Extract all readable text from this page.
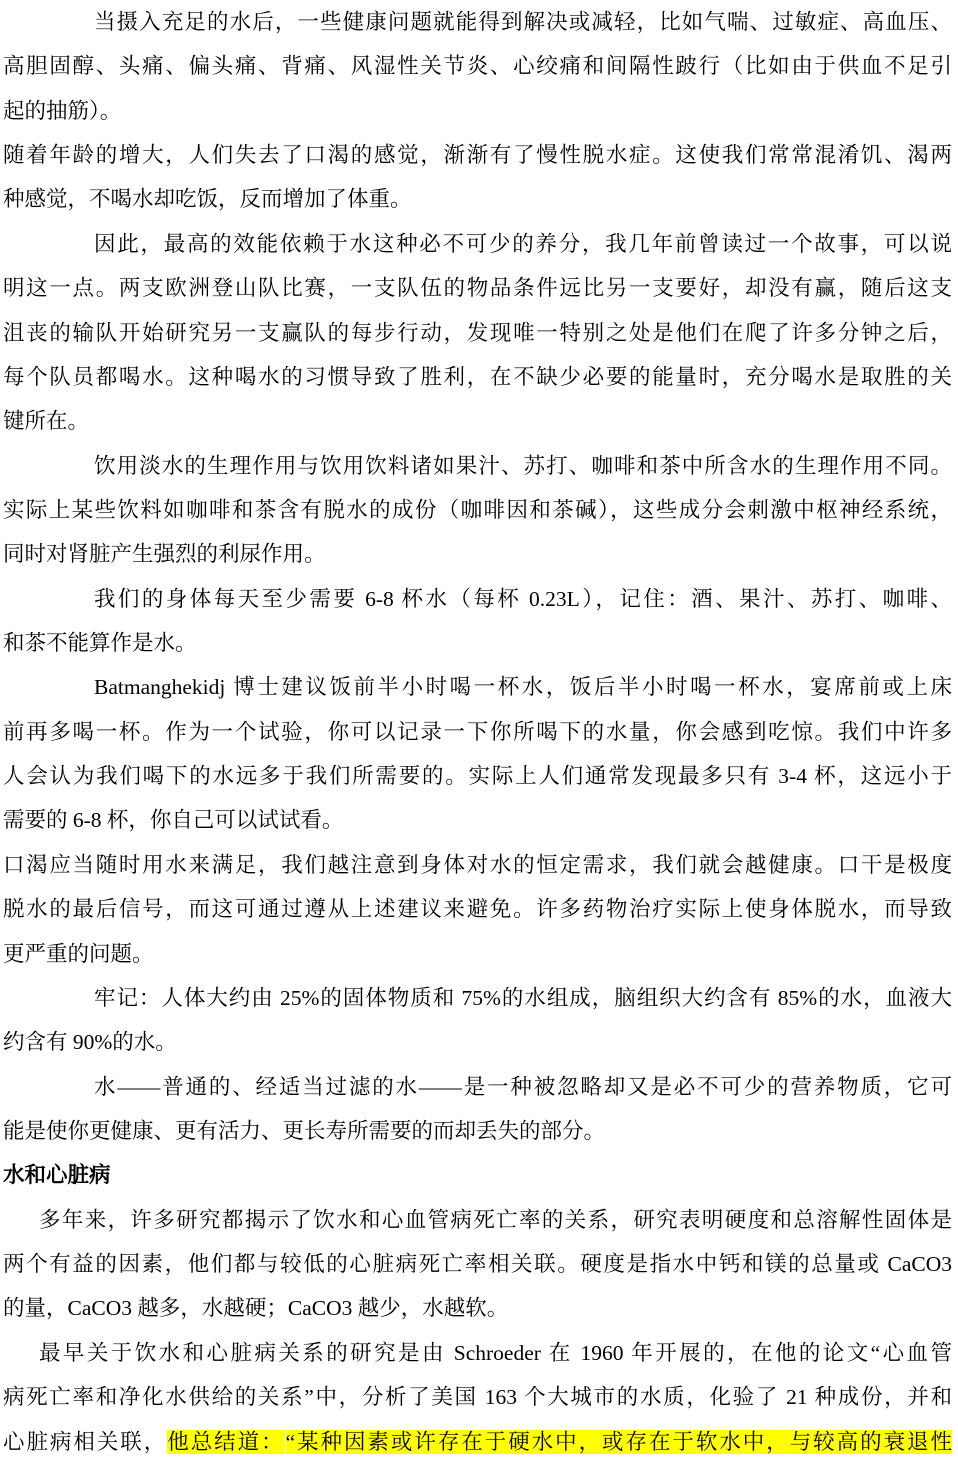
当摄入充足的水后，一些健康问题就能得到解决或减轻，比如气喘、过敏症、高血压、
高胆固醇、头痛、偏头痛、背痛、风湿性关节炎、心绞痛和间隔性跛行（比如由于供血不足引
起的抽筋）。
随着年龄的增大，人们失去了口渴的感觉，渐渐有了慢性脱水症。这使我们常常混淆饥、渴两
种感觉，不喝水却吃饭，反而增加了体重。
因此，最高的效能依赖于水这种必不可少的养分，我几年前曾读过一个故事，可以说
明这一点。两支欧洲登山队比赛，一支队伍的物品条件远比另一支要好，却没有赢，随后这支
沮丧的输队开始研究另一支赢队的每步行动，发现唯一特别之处是他们在爬了许多分钟之后，
每个队员都喝水。这种喝水的习惯导致了胜利，在不缺少必要的能量时，充分喝水是取胜的关
键所在。
饮用淡水的生理作用与饮用饮料诸如果汁、苏打、咖啡和茶中所含水的生理作用不同。
实际上某些饮料如咖啡和茶含有脱水的成份（咖啡因和茶碱），这些成分会刺激中枢神经系统，
同时对肾脏产生强烈的利尿作用。
我们的身体每天至少需要 6-8 杯水（每杯 0.23L），记住：酒、果汁、苏打、咖啡、
和茶不能算作是水。
Batmanghekidj 博士建议饭前半小时喝一杯水，饭后半小时喝一杯水，宴席前或上床
前再多喝一杯。作为一个试验，你可以记录一下你所喝下的水量，你会感到吃惊。我们中许多
人会认为我们喝下的水远多于我们所需要的。实际上人们通常发现最多只有 3-4 杯，这远小于
需要的 6-8 杯，你自己可以试试看。
口渴应当随时用水来满足，我们越注意到身体对水的恒定需求，我们就会越健康。口干是极度
脱水的最后信号，而这可通过遵从上述建议来避免。许多药物治疗实际上使身体脱水，而导致
更严重的问题。
牢记：人体大约由 25%的固体物质和 75%的水组成，脑组织大约含有 85%的水，血液大
约含有 90%的水。
水——普通的、经适当过滤的水——是一种被忽略却又是必不可少的营养物质，它可
能是使你更健康、更有活力、更长寿所需要的而却丢失的部分。
水和心脏病
多年来，许多研究都揭示了饮水和心血管病死亡率的关系，研究表明硬度和总溶解性固体是
两个有益的因素，他们都与较低的心脏病死亡率相关联。硬度是指水中钙和镁的总量或 CaCO3
的量，CaCO3 越多，水越硬；CaCO3 越少，水越软。
最早关于饮水和心脏病关系的研究是由 Schroeder 在 1960 年开展的，在他的论文“心血管
病死亡率和净化水供给的关系”中，分析了美国 163 个大城市的水质，化验了 21 种成份，并和
心脏病相关联，他总结道：“某种因素或许存在于硬水中，或存在于软水中，与较高的衰退性
